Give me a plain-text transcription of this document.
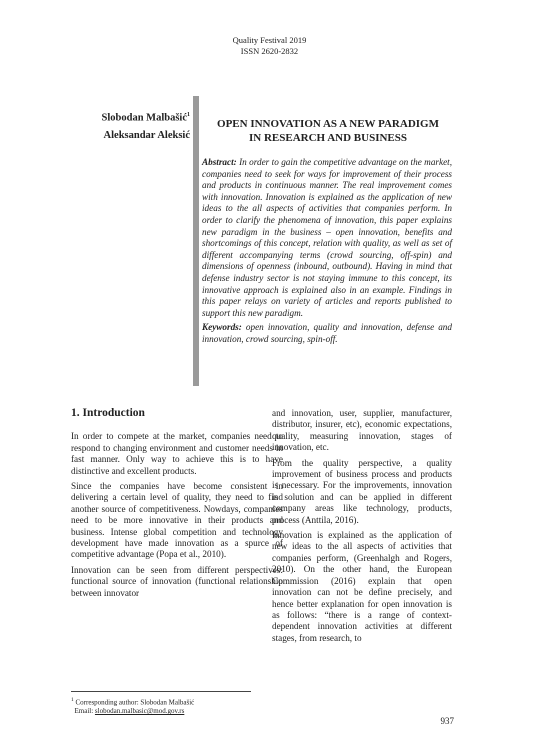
Quality Festival 2019
ISSN 2620-2832
Slobodan Malbašić$^1$
Aleksandar Aleksić
OPEN INNOVATION AS A NEW PARADIGM
IN RESEARCH AND BUSINESS
Abstract: In order to gain the competitive advantage on the market, companies need to seek for ways for improvement of their process and products in continuous manner. The real improvement comes with innovation. Innovation is explained as the application of new ideas to the all aspects of activities that companies perform. In order to clarify the phenomena of innovation, this paper explains new paradigm in the business – open innovation, benefits and shortcomings of this concept, relation with quality, as well as set of different accompanying terms (crowd sourcing, off-spin) and dimensions of openness (inbound, outbound). Having in mind that defense industry sector is not staying immune to this concept, its innovative approach is explained also in an example. Findings in this paper relays on variety of articles and reports published to support this new paradigm.
Keywords: open innovation, quality and innovation, defense and innovation, crowd sourcing, spin-off.
1. Introduction

In order to compete at the market, companies need to respond to changing environment and customer needs in fast manner. Only way to achieve this is to have distinctive and excellent products.

Since the companies have become consistent in delivering a certain level of quality, they need to find another source of competitiveness. Nowdays, companies need to be more innovative in their products and business. Intense global competition and technology development have made innovation as a spurce of competitive advantage (Popa et al., 2010).

Innovation can be seen from different perspectives: functional source of innovation (functional relationship between innovator

and innovation, user, supplier, manufacturer, distributor, insurer, etc), economic expectations, quality, measuring innovation, stages of innovation, etc.

From the quality perspective, a quality improvement of business process and products is necessary. For the improvements, innovation is solution and can be applied in different company areas like technology, products, process (Anttila, 2016).

Innovation is explained as the application of new ideas to the all aspects of activities that companies perform, (Greenhalgh and Rogers, 2010). On the other hand, the European Commission (2016) explain that open innovation can not be define precisely, and hence better explanation for open innovation is as follows: “there is a range of context-dependent innovation activities at different stages, from research, to

$^1$ Corresponding author: Slobodan Malbašić
Email: slobodan.malbasic@mod.gov.rs
937
